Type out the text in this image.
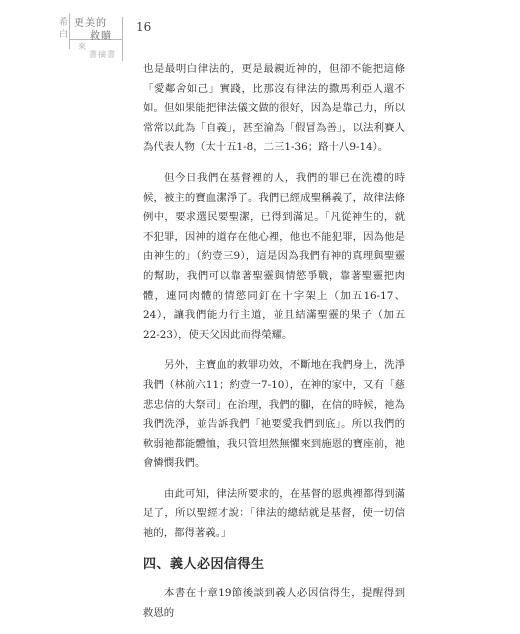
希
白
更美的
救贖
來
書摘書
16

也是最明白律法的，更是最親近神的，但卻不能把這條「愛鄰舍如己」實踐，比那沒有律法的撒馬利亞人還不如。但如果能把律法儀文做的很好，因為是靠己力，所以常常以此為「自義」，甚至淪為「假冒為善」，以法利賽人為代表人物（太十五1-8，二三1-36；路十八9-14）。

但今日我們在基督裡的人，我們的罪已在洗禮的時候，被主的寶血潔淨了。我們已經成聖稱義了，故律法條例中，要求選民要聖潔，已得到滿足。「凡從神生的，就不犯罪，因神的道存在他心裡，他也不能犯罪，因為他是由神生的」（約壹三9），這是因為我們有神的真理與聖靈的幫助，我們可以靠著聖靈與情慾爭戰，靠著聖靈把肉體，連同肉體的情慾同釘在十字架上（加五16-17、24），讓我們能力行主道，並且結滿聖靈的果子（加五22-23），使天父因此而得榮耀。

另外，主寶血的救罪功效，不斷地在我們身上，洗淨我們（林前六11；約壹一7-10），在神的家中，又有「慈悲忠信的大祭司」在治理，我們的腳，在信的時候，祂為我們洗淨，並告訴我們「祂要愛我們到底」。所以我們的軟弱祂都能體恤，我只管坦然無懼來到施恩的寶座前，祂會憐憫我們。

由此可知，律法所要求的，在基督的恩典裡都得到滿足了，所以聖經才說：「律法的總結就是基督，使一切信祂的，都得著義。」

四、義人必因信得生

本書在十章19節後談到義人必因信得生，提醒得到救恩的
